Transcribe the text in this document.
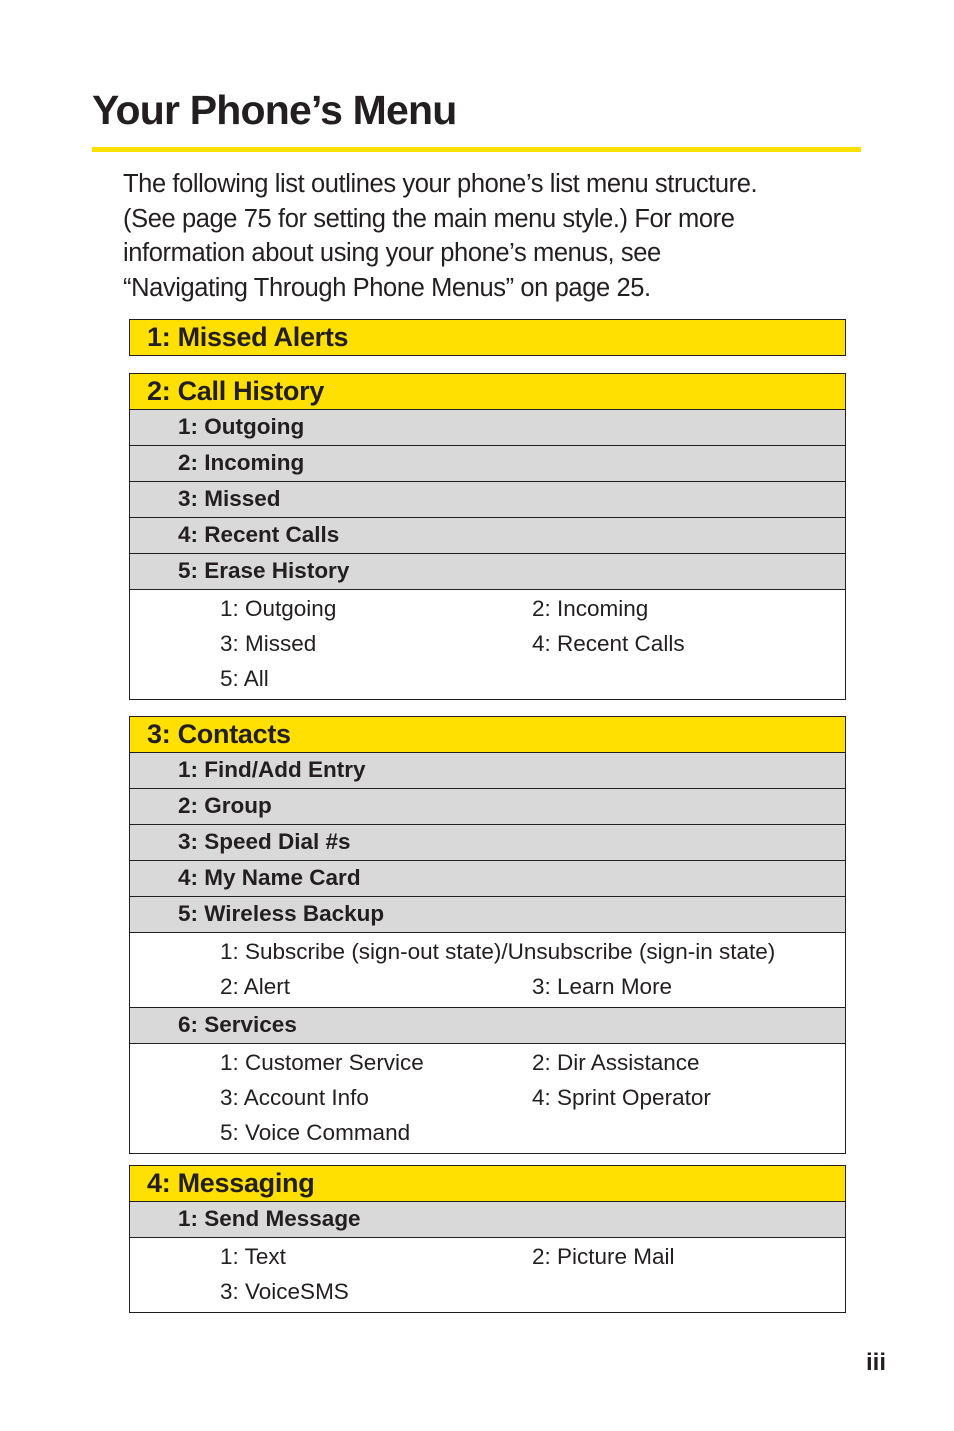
Your Phone’s Menu

The following list outlines your phone’s list menu structure.
(See page 75 for setting the main menu style.) For more
information about using your phone’s menus, see
“Navigating Through Phone Menus” on page 25.

1: Missed Alerts
2: Call History
1: Outgoing
2: Incoming
3: Missed
4: Recent Calls
5: Erase History
1: Outgoing	2: Incoming
3: Missed	4: Recent Calls
5: All
3: Contacts
1: Find/Add Entry
2: Group
3: Speed Dial #s
4: My Name Card
5: Wireless Backup
1: Subscribe (sign-out state)/Unsubscribe (sign-in state)
2: Alert	3: Learn More
6: Services
1: Customer Service	2: Dir Assistance
3: Account Info	4: Sprint Operator
5: Voice Command
4: Messaging
1: Send Message
1: Text	2: Picture Mail
3: VoiceSMS
iii
